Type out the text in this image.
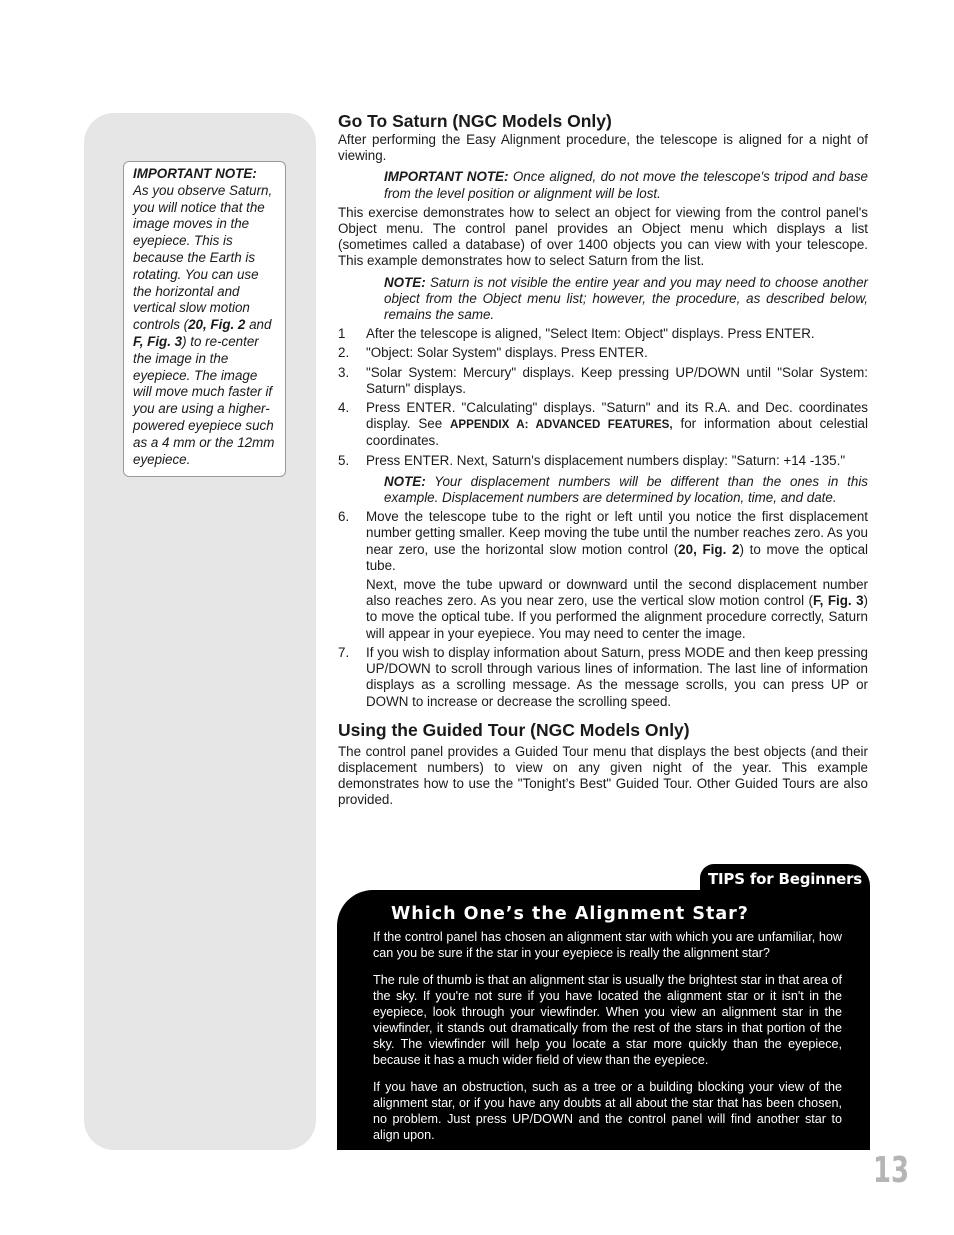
IMPORTANT NOTE:
As you observe Saturn, you will notice that the image moves in the eyepiece. This is because the Earth is rotating. You can use the horizontal and vertical slow motion controls (20, Fig. 2 and F, Fig. 3) to re-center the image in the eyepiece. The image will move much faster if you are using a higher-powered eyepiece such as a 4 mm or the 12mm eyepiece.
Go To Saturn (NGC Models Only)

After performing the Easy Alignment procedure, the telescope is aligned for a night of viewing.

IMPORTANT NOTE: Once aligned, do not move the telescope's tripod and base from the level position or alignment will be lost.

This exercise demonstrates how to select an object for viewing from the control panel's Object menu. The control panel provides an Object menu which displays a list (sometimes called a database) of over 1400 objects you can view with your telescope. This example demonstrates how to select Saturn from the list.

NOTE: Saturn is not visible the entire year and you may need to choose another object from the Object menu list; however, the procedure, as described below, remains the same.

1	After the telescope is aligned, "Select Item: Object" displays. Press ENTER.
2.	"Object: Solar System" displays. Press ENTER.
3.	"Solar System: Mercury" displays. Keep pressing UP/DOWN until "Solar System: Saturn" displays.
4.	Press ENTER. "Calculating" displays. "Saturn" and its R.A. and Dec. coordinates display. See APPENDIX A: ADVANCED FEATURES, for information about celestial coordinates.
5.	Press ENTER. Next, Saturn's displacement numbers display: "Saturn: +14 -135."

NOTE: Your displacement numbers will be different than the ones in this example. Displacement numbers are determined by location, time, and date.

6.	Move the telescope tube to the right or left until you notice the first displacement number getting smaller. Keep moving the tube until the number reaches zero. As you near zero, use the horizontal slow motion control (20, Fig. 2) to move the optical tube.

Next, move the tube upward or downward until the second displacement number also reaches zero. As you near zero, use the vertical slow motion control (F, Fig. 3) to move the optical tube. If you performed the alignment procedure correctly, Saturn will appear in your eyepiece. You may need to center the image.

7.	If you wish to display information about Saturn, press MODE and then keep pressing UP/DOWN to scroll through various lines of information. The last line of information displays as a scrolling message. As the message scrolls, you can press UP or DOWN to increase or decrease the scrolling speed.
Using the Guided Tour (NGC Models Only)

The control panel provides a Guided Tour menu that displays the best objects (and their displacement numbers) to view on any given night of the year. This example demonstrates how to use the "Tonight’s Best" Guided Tour. Other Guided Tours are also provided.

TIPS for Beginners
Which One’s the Alignment Star?

If the control panel has chosen an alignment star with which you are unfamiliar, how can you be sure if the star in your eyepiece is really the alignment star?

The rule of thumb is that an alignment star is usually the brightest star in that area of the sky. If you're not sure if you have located the alignment star or it isn't in the eyepiece, look through your viewfinder. When you view an alignment star in the viewfinder, it stands out dramatically from the rest of the stars in that portion of the sky. The viewfinder will help you locate a star more quickly than the eyepiece, because it has a much wider field of view than the eyepiece.

If you have an obstruction, such as a tree or a building blocking your view of the alignment star, or if you have any doubts at all about the star that has been chosen, no problem. Just press UP/DOWN and the control panel will find another star to align upon.

13
